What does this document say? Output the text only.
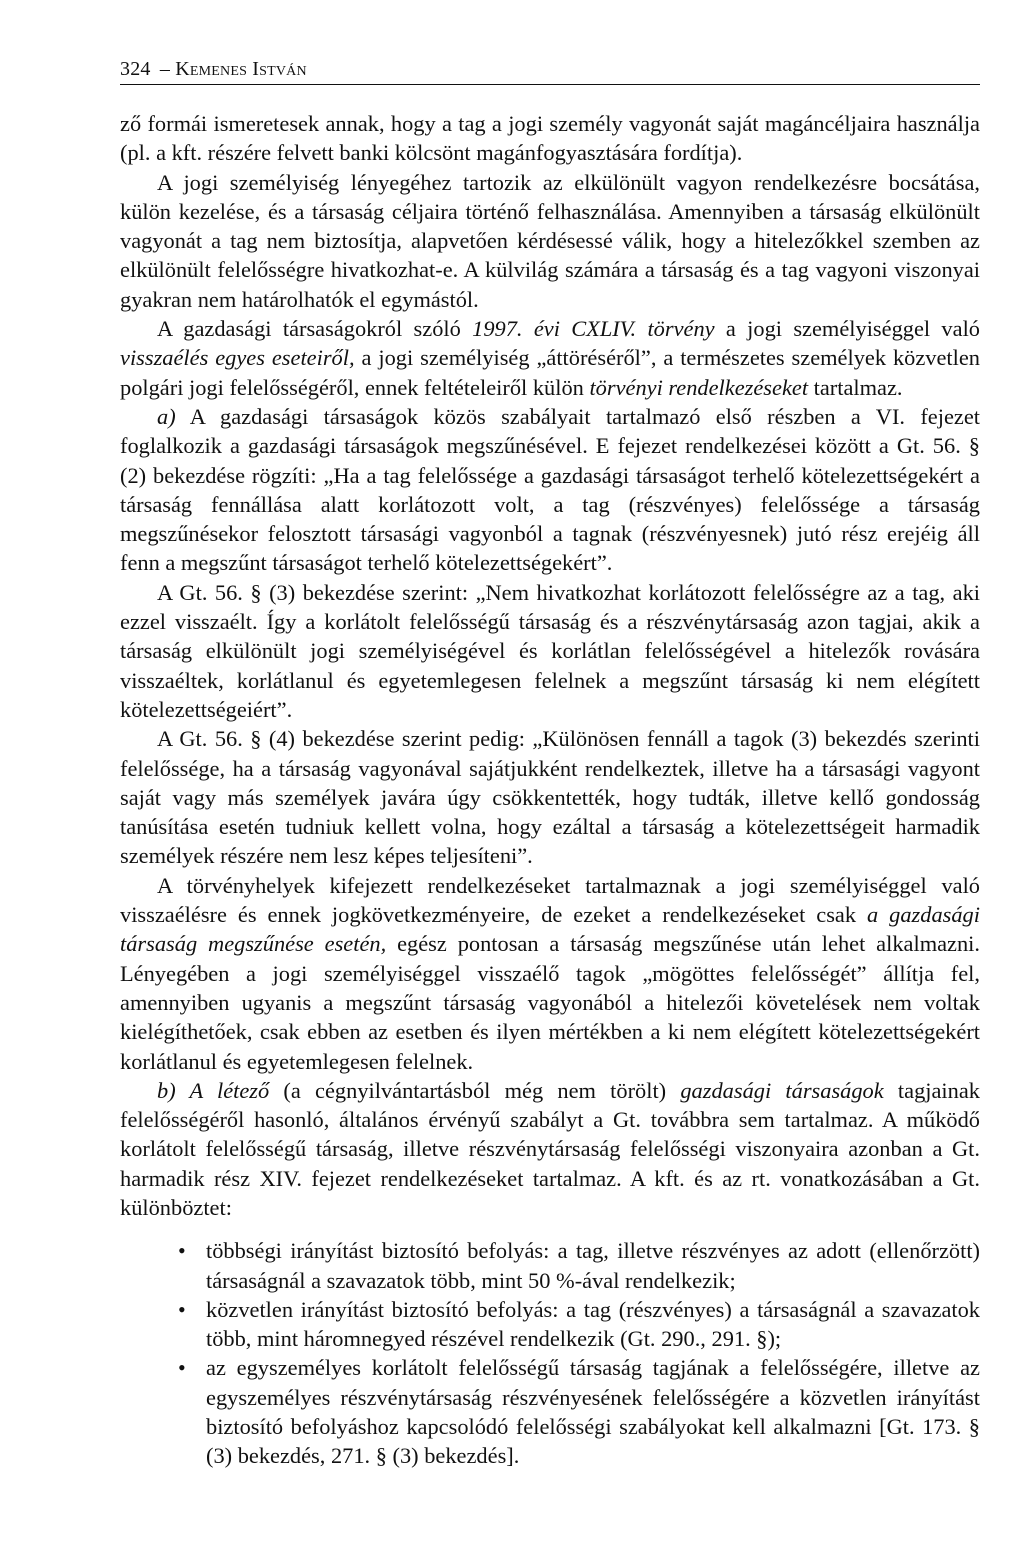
324 – Kemenes István

ző formái ismeretesek annak, hogy a tag a jogi személy vagyonát saját magáncéljaira használja (pl. a kft. részére felvett banki kölcsönt magánfogyasztására fordítja).

A jogi személyiség lényegéhez tartozik az elkülönült vagyon rendelkezésre bocsátása, külön kezelése, és a társaság céljaira történő felhasználása. Amennyiben a társaság elkülönült vagyonát a tag nem biztosítja, alapvetően kérdésessé válik, hogy a hitelezőkkel szemben az elkülönült felelősségre hivatkozhat-e. A külvilág számára a társaság és a tag vagyoni viszonyai gyakran nem határolhatók el egymástól.

A gazdasági társaságokról szóló 1997. évi CXLIV. törvény a jogi személyiséggel való visszaélés egyes eseteiről, a jogi személyiség „áttöréséről”, a természetes személyek közvetlen polgári jogi felelősségéről, ennek feltételeiről külön törvényi rendelkezéseket tartalmaz.

a) A gazdasági társaságok közös szabályait tartalmazó első részben a VI. fejezet foglalkozik a gazdasági társaságok megszűnésével. E fejezet rendelkezései között a Gt. 56. § (2) bekezdése rögzíti: „Ha a tag felelőssége a gazdasági társaságot terhelő kötelezettségekért a társaság fennállása alatt korlátozott volt, a tag (részvényes) felelőssége a társaság megszűnésekor felosztott társasági vagyonból a tagnak (részvényesnek) jutó rész erejéig áll fenn a megszűnt társaságot terhelő kötelezettségekért”.

A Gt. 56. § (3) bekezdése szerint: „Nem hivatkozhat korlátozott felelősségre az a tag, aki ezzel visszaélt. Így a korlátolt felelősségű társaság és a részvénytársaság azon tagjai, akik a társaság elkülönült jogi személyiségével és korlátlan felelősségével a hitelezők rovására visszaéltek, korlátlanul és egyetemlegesen felelnek a megszűnt társaság ki nem elégített kötelezettségeiért”.

A Gt. 56. § (4) bekezdése szerint pedig: „Különösen fennáll a tagok (3) bekezdés szerinti felelőssége, ha a társaság vagyonával sajátjukként rendelkeztek, illetve ha a társasági vagyont saját vagy más személyek javára úgy csökkentették, hogy tudták, illetve kellő gondosság tanúsítása esetén tudniuk kellett volna, hogy ezáltal a társaság a kötelezettségeit harmadik személyek részére nem lesz képes teljesíteni”.

A törvényhelyek kifejezett rendelkezéseket tartalmaznak a jogi személyiséggel való visszaélésre és ennek jogkövetkezményeire, de ezeket a rendelkezéseket csak a gazdasági társaság megszűnése esetén, egész pontosan a társaság megszűnése után lehet alkalmazni. Lényegében a jogi személyiséggel visszaélő tagok „mögöttes felelősségét” állítja fel, amennyiben ugyanis a megszűnt társaság vagyonából a hitelezői követelések nem voltak kielégíthetőek, csak ebben az esetben és ilyen mértékben a ki nem elégített kötelezettségekért korlátlanul és egyetemlegesen felelnek.

b) A létező (a cégnyilvántartásból még nem törölt) gazdasági társaságok tagjainak felelősségéről hasonló, általános érvényű szabályt a Gt. továbbra sem tartalmaz. A működő korlátolt felelősségű társaság, illetve részvénytársaság felelősségi viszonyaira azonban a Gt. harmadik rész XIV. fejezet rendelkezéseket tartalmaz. A kft. és az rt. vonatkozásában a Gt. különböztet:

• többségi irányítást biztosító befolyás: a tag, illetve részvényes az adott (ellenőrzött) társaságnál a szavazatok több, mint 50 %-ával rendelkezik;
• közvetlen irányítást biztosító befolyás: a tag (részvényes) a társaságnál a szavazatok több, mint háromnegyed részével rendelkezik (Gt. 290., 291. §);
• az egyszemélyes korlátolt felelősségű társaság tagjának a felelősségére, illetve az egyszemélyes részvénytársaság részvényesének felelősségére a közvetlen irányítást biztosító befolyáshoz kapcsolódó felelősségi szabályokat kell alkalmazni [Gt. 173. § (3) bekezdés, 271. § (3) bekezdés].
